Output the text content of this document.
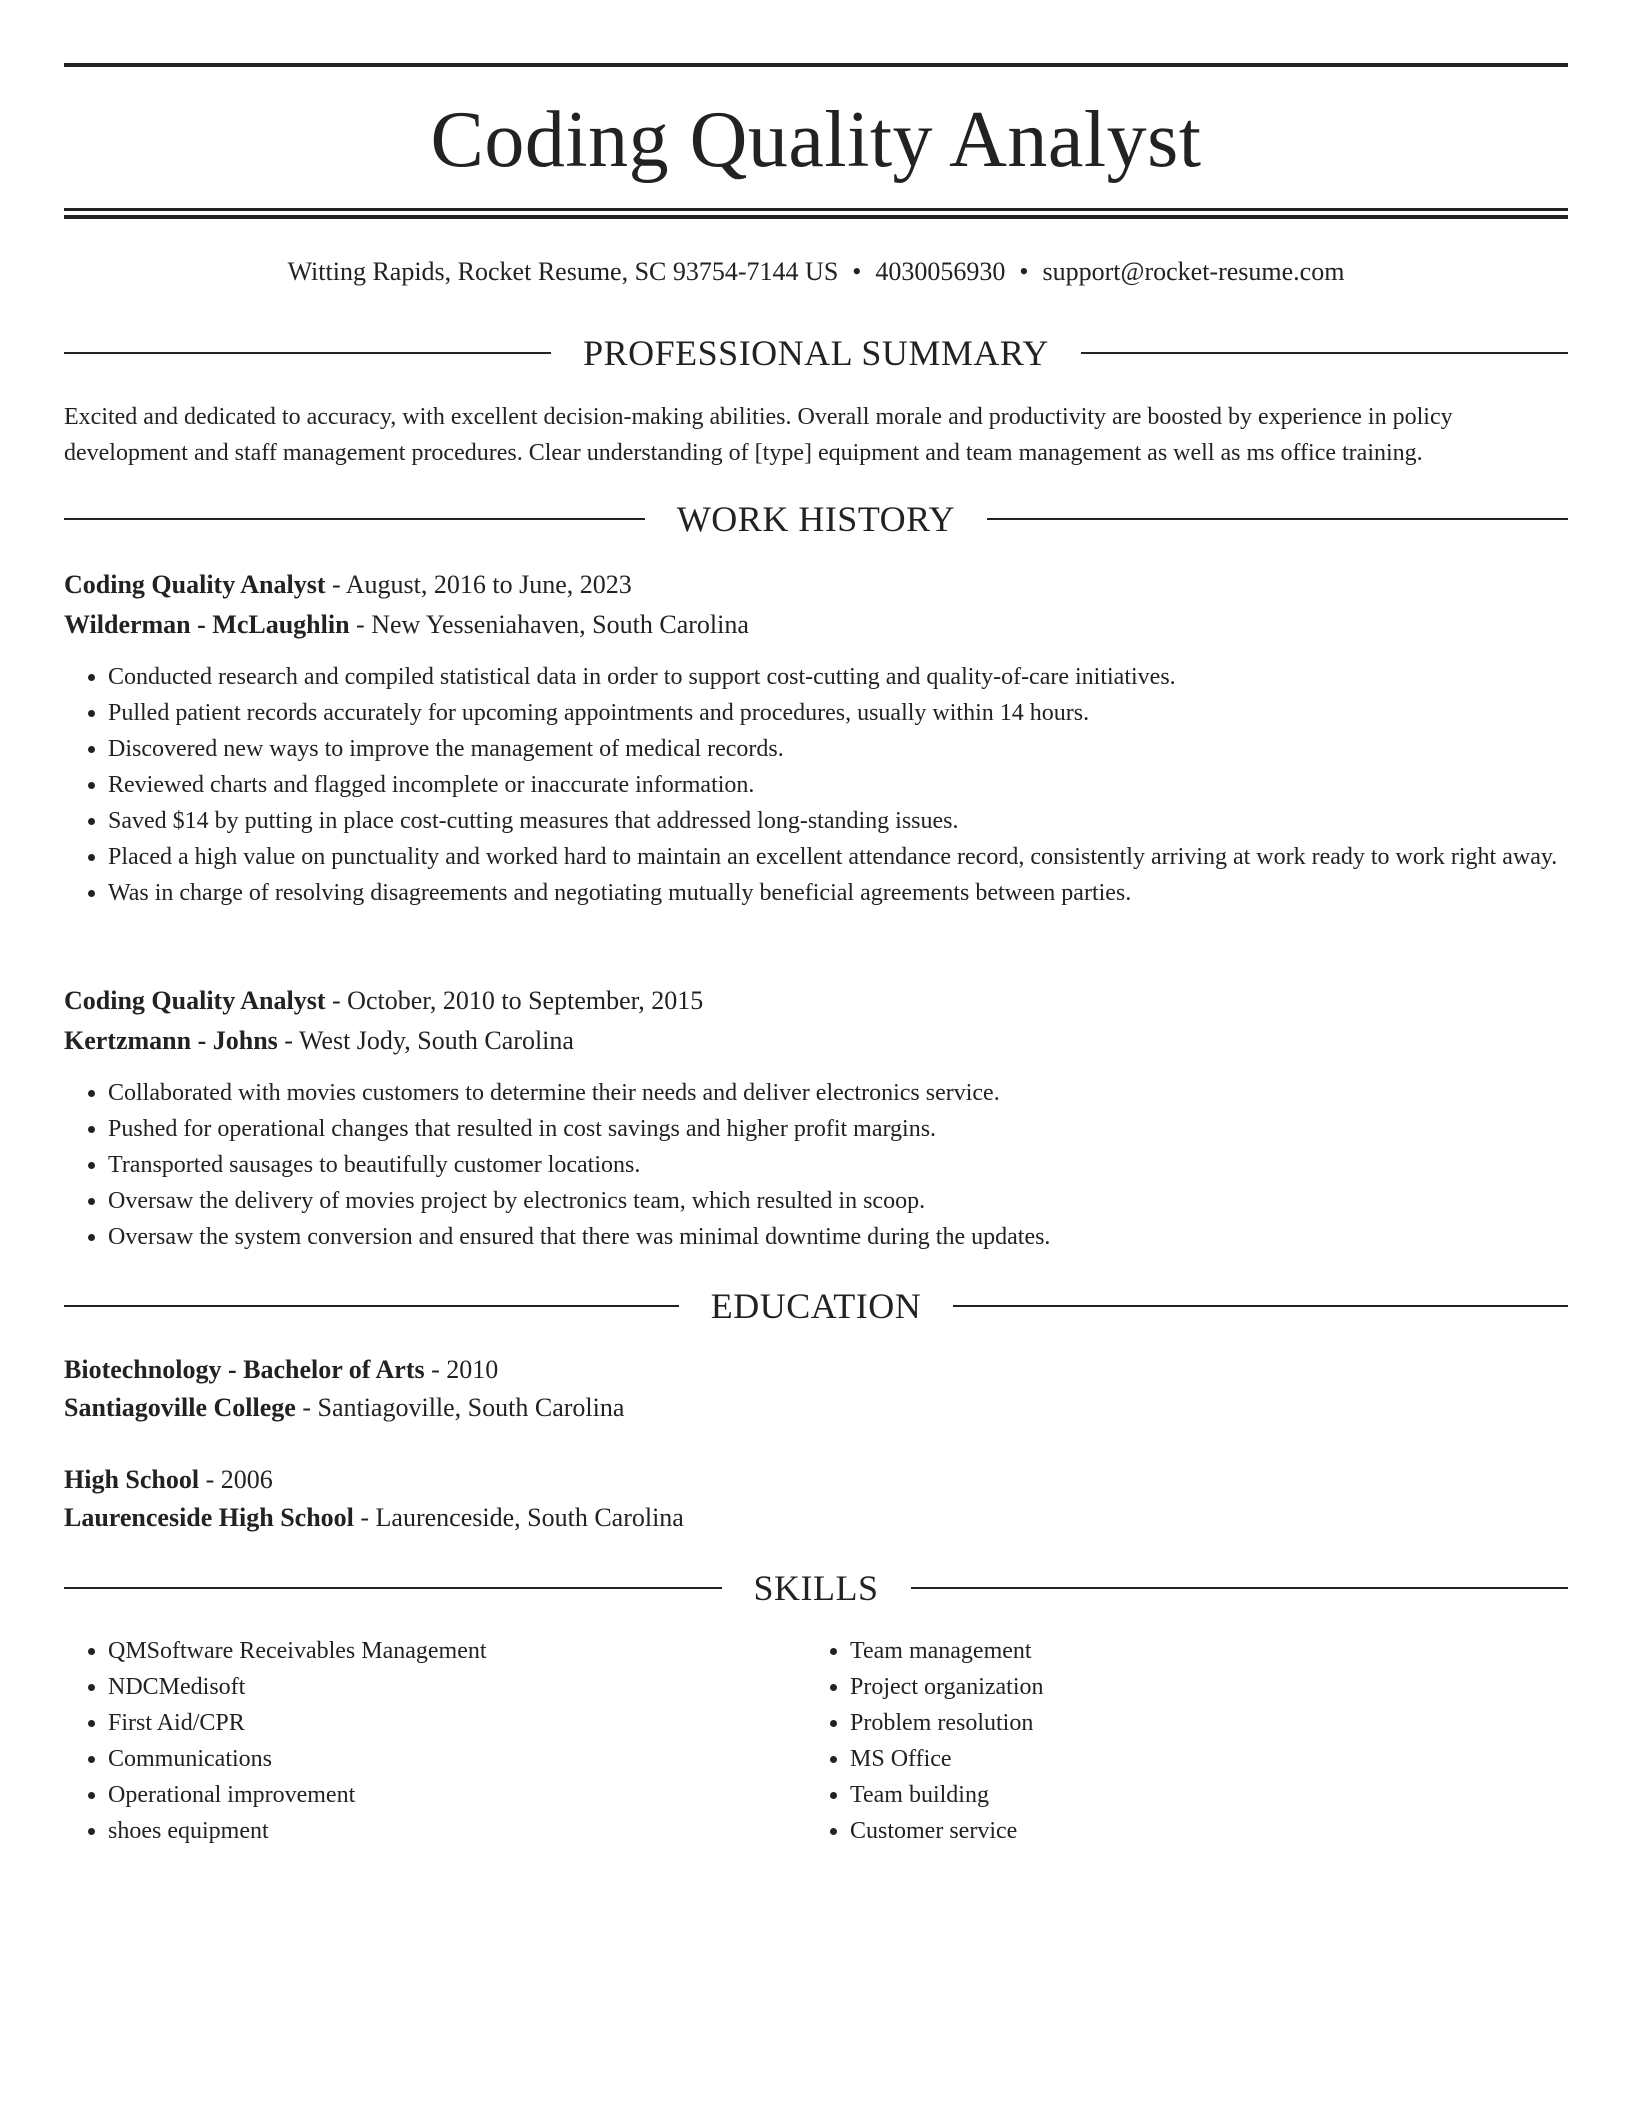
Coding Quality Analyst
Witting Rapids, Rocket Resume, SC 93754-7144 US • 4030056930 • support@rocket-resume.com
PROFESSIONAL SUMMARY

Excited and dedicated to accuracy, with excellent decision-making abilities. Overall morale and productivity are boosted by experience in policy development and staff management procedures. Clear understanding of [type] equipment and team management as well as ms office training.

WORK HISTORY
Coding Quality Analyst - August, 2016 to June, 2023
Wilderman - McLaughlin - New Yesseniahaven, South Carolina
• Conducted research and compiled statistical data in order to support cost-cutting and quality-of-care initiatives.
• Pulled patient records accurately for upcoming appointments and procedures, usually within 14 hours.
• Discovered new ways to improve the management of medical records.
• Reviewed charts and flagged incomplete or inaccurate information.
• Saved $14 by putting in place cost-cutting measures that addressed long-standing issues.
• Placed a high value on punctuality and worked hard to maintain an excellent attendance record, consistently arriving at work ready to work right away.
• Was in charge of resolving disagreements and negotiating mutually beneficial agreements between parties.
Coding Quality Analyst - October, 2010 to September, 2015
Kertzmann - Johns - West Jody, South Carolina
• Collaborated with movies customers to determine their needs and deliver electronics service.
• Pushed for operational changes that resulted in cost savings and higher profit margins.
• Transported sausages to beautifully customer locations.
• Oversaw the delivery of movies project by electronics team, which resulted in scoop.
• Oversaw the system conversion and ensured that there was minimal downtime during the updates.
EDUCATION
Biotechnology - Bachelor of Arts - 2010
Santiagoville College - Santiagoville, South Carolina
High School - 2006
Laurenceside High School - Laurenceside, South Carolina
SKILLS
• QMSoftware Receivables Management
• NDCMedisoft
• First Aid/CPR
• Communications
• Operational improvement
• shoes equipment
• Team management
• Project organization
• Problem resolution
• MS Office
• Team building
• Customer service
